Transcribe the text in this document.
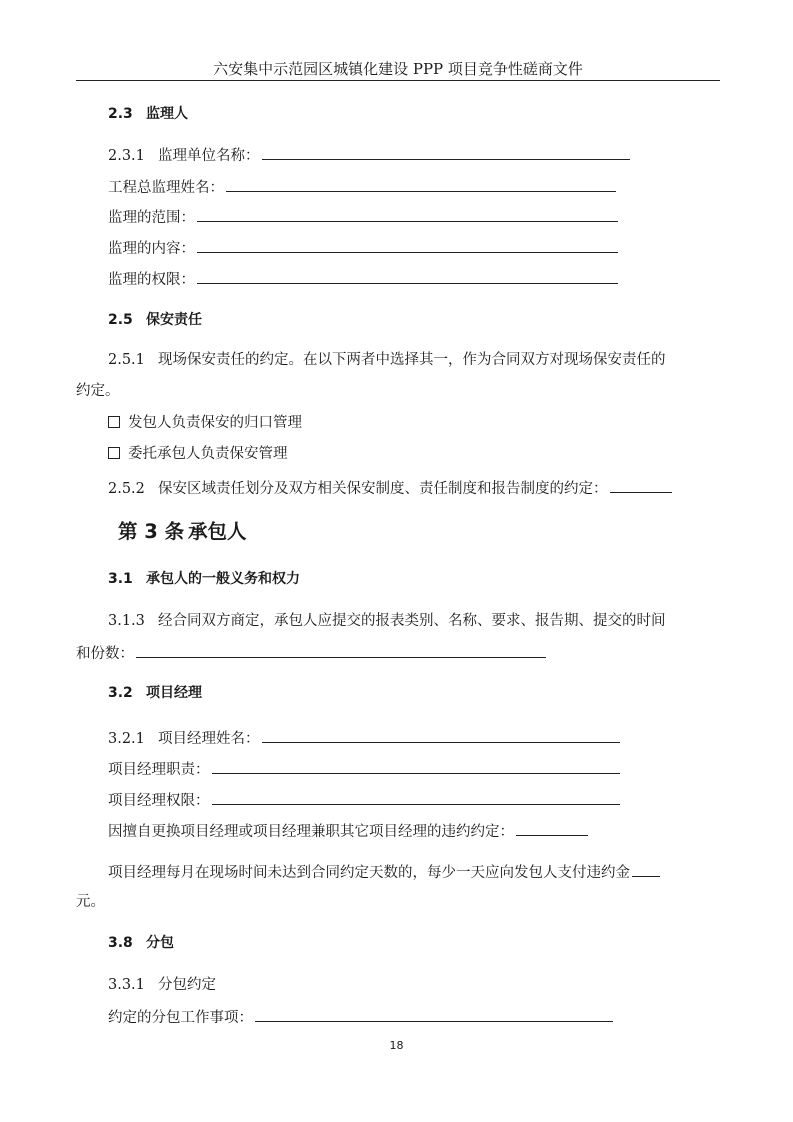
六安集中示范园区城镇化建设 PPP 项目竞争性磋商文件
2.3 监理人
2.3.1 监理单位名称：
工程总监理姓名：
监理的范围：
监理的内容：
监理的权限：
2.5 保安责任
2.5.1 现场保安责任的约定。在以下两者中选择其一，作为合同双方对现场保安责任的
约定。
发包人负责保安的归口管理
委托承包人负责保安管理
2.5.2 保安区域责任划分及双方相关保安制度、责任制度和报告制度的约定：
第 3 条 承包人
3.1 承包人的一般义务和权力
3.1.3 经合同双方商定，承包人应提交的报表类别、名称、要求、报告期、提交的时间
和份数：
3.2 项目经理
3.2.1 项目经理姓名：
项目经理职责：
项目经理权限：
因擅自更换项目经理或项目经理兼职其它项目经理的违约约定：
项目经理每月在现场时间未达到合同约定天数的，每少一天应向发包人支付违约金
元。
3.8 分包
3.3.1 分包约定
约定的分包工作事项：
18
